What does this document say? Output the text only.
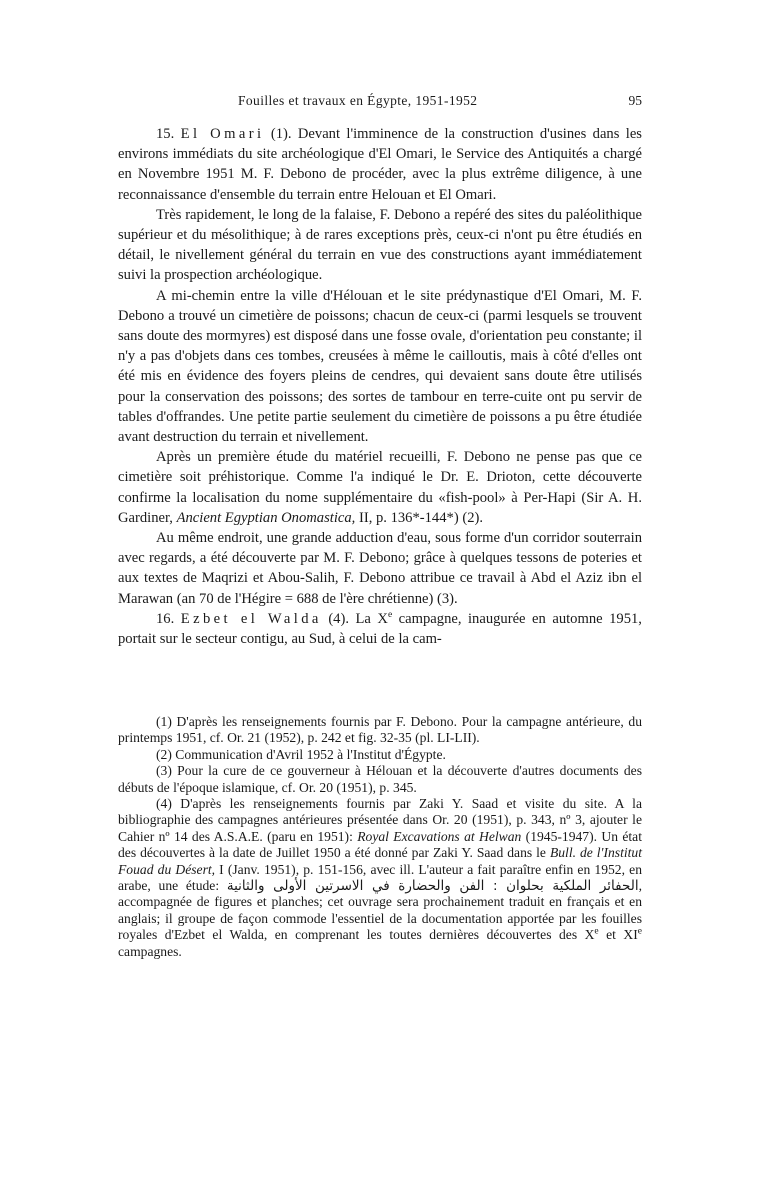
Fouilles et travaux en Égypte, 1951-1952	95

15. El Omari (1). Devant l'imminence de la construction d'usines dans les environs immédiats du site archéologique d'El Omari, le Service des Antiquités a chargé en Novembre 1951 M. F. Debono de procéder, avec la plus extrême diligence, à une reconnaissance d'ensemble du terrain entre Helouan et El Omari.

Très rapidement, le long de la falaise, F. Debono a repéré des sites du paléolithique supérieur et du mésolithique; à de rares exceptions près, ceux-ci n'ont pu être étudiés en détail, le nivellement général du terrain en vue des constructions ayant immédiatement suivi la prospection archéologique.

A mi-chemin entre la ville d'Hélouan et le site prédynastique d'El Omari, M. F. Debono a trouvé un cimetière de poissons; chacun de ceux-ci (parmi lesquels se trouvent sans doute des mormyres) est disposé dans une fosse ovale, d'orientation peu constante; il n'y a pas d'objets dans ces tombes, creusées à même le cailloutis, mais à côté d'elles ont été mis en évidence des foyers pleins de cendres, qui devaient sans doute être utilisés pour la conservation des poissons; des sortes de tambour en terre-cuite ont pu servir de tables d'offrandes. Une petite partie seulement du cimetière de poissons a pu être étudiée avant destruction du terrain et nivellement.

Après un première étude du matériel recueilli, F. Debono ne pense pas que ce cimetière soit préhistorique. Comme l'a indiqué le Dr. E. Drioton, cette découverte confirme la localisation du nome supplémentaire du «fish-pool» à Per-Hapi (Sir A. H. Gardiner, Ancient Egyptian Onomastica, II, p. 136*-144*) (2).

Au même endroit, une grande adduction d'eau, sous forme d'un corridor souterrain avec regards, a été découverte par M. F. Debono; grâce à quelques tessons de poteries et aux textes de Maqrizi et Abou-Salih, F. Debono attribue ce travail à Abd el Aziz ibn el Marawan (an 70 de l'Hégire = 688 de l'ère chrétienne) (3).

16. Ezbet el Walda (4). La Xe campagne, inaugurée en automne 1951, portait sur le secteur contigu, au Sud, à celui de la cam-

(1) D'après les renseignements fournis par F. Debono. Pour la campagne antérieure, du printemps 1951, cf. Or. 21 (1952), p. 242 et fig. 32-35 (pl. LI-LII).

(2) Communication d'Avril 1952 à l'Institut d'Égypte.

(3) Pour la cure de ce gouverneur à Hélouan et la découverte d'autres documents des débuts de l'époque islamique, cf. Or. 20 (1951), p. 345.

(4) D'après les renseignements fournis par Zaki Y. Saad et visite du site. A la bibliographie des campagnes antérieures présentée dans Or. 20 (1951), p. 343, nº 3, ajouter le Cahier nº 14 des A.S.A.E. (paru en 1951): Royal Excavations at Helwan (1945-1947). Un état des découvertes à la date de Juillet 1950 a été donné par Zaki Y. Saad dans le Bull. de l'Institut Fouad du Désert, I (Janv. 1951), p. 151-156, avec ill. L'auteur a fait paraître enfin en 1952, en arabe, une étude: الحفائر الملكية بحلوان : الفن والحضارة في الاسرتين الأولى والثانية, accompagnée de figures et planches; cet ouvrage sera prochainement traduit en français et en anglais; il groupe de façon commode l'essentiel de la documentation apportée par les fouilles royales d'Ezbet el Walda, en comprenant les toutes dernières découvertes des Xe et XIe campagnes.
